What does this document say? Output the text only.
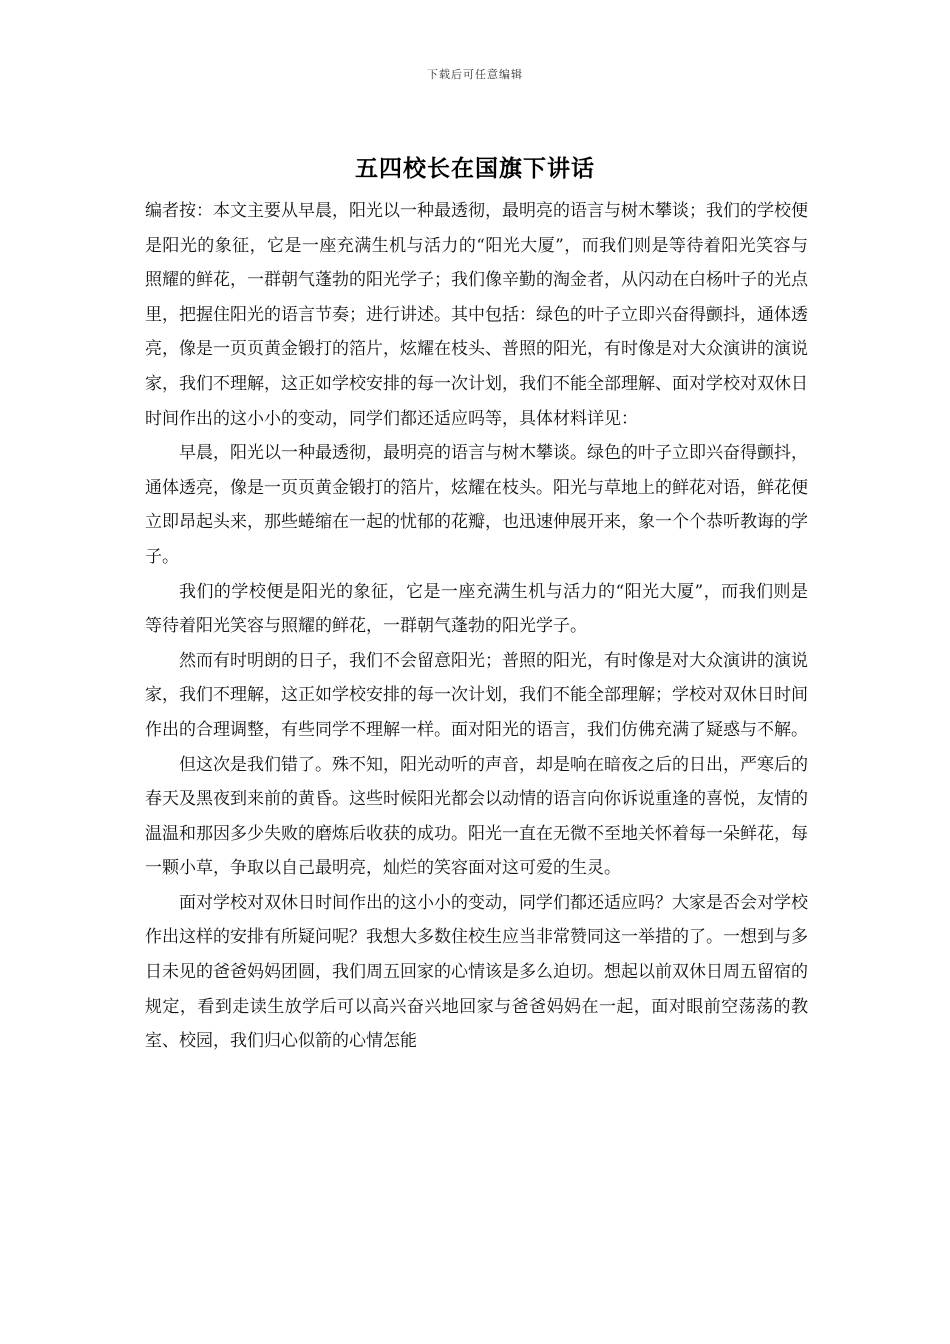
下载后可任意编辑
五四校长在国旗下讲话

编者按：本文主要从早晨，阳光以一种最透彻，最明亮的语言与树木攀谈；我们的学校便是阳光的象征，它是一座充满生机与活力的“阳光大厦”，而我们则是等待着阳光笑容与照耀的鲜花，一群朝气蓬勃的阳光学子；我们像辛勤的淘金者，从闪动在白杨叶子的光点里，把握住阳光的语言节奏；进行讲述。其中包括：绿色的叶子立即兴奋得颤抖，通体透亮，像是一页页黄金锻打的箔片，炫耀在枝头、普照的阳光，有时像是对大众演讲的演说家，我们不理解，这正如学校安排的每一次计划，我们不能全部理解、面对学校对双休日时间作出的这小小的变动，同学们都还适应吗等，具体材料详见：

早晨，阳光以一种最透彻，最明亮的语言与树木攀谈。绿色的叶子立即兴奋得颤抖，通体透亮，像是一页页黄金锻打的箔片，炫耀在枝头。阳光与草地上的鲜花对语，鲜花便立即昂起头来，那些蜷缩在一起的忧郁的花瓣，也迅速伸展开来，象一个个恭听教诲的学子。

我们的学校便是阳光的象征，它是一座充满生机与活力的“阳光大厦”，而我们则是等待着阳光笑容与照耀的鲜花，一群朝气蓬勃的阳光学子。

然而有时明朗的日子，我们不会留意阳光；普照的阳光，有时像是对大众演讲的演说家，我们不理解，这正如学校安排的每一次计划，我们不能全部理解；学校对双休日时间作出的合理调整，有些同学不理解一样。面对阳光的语言，我们仿佛充满了疑惑与不解。

但这次是我们错了。殊不知，阳光动听的声音，却是响在暗夜之后的日出，严寒后的春天及黑夜到来前的黄昏。这些时候阳光都会以动情的语言向你诉说重逢的喜悦，友情的温温和那因多少失败的磨炼后收获的成功。阳光一直在无微不至地关怀着每一朵鲜花，每一颗小草，争取以自己最明亮，灿烂的笑容面对这可爱的生灵。

面对学校对双休日时间作出的这小小的变动，同学们都还适应吗？大家是否会对学校作出这样的安排有所疑问呢？我想大多数住校生应当非常赞同这一举措的了。一想到与多日未见的爸爸妈妈团圆，我们周五回家的心情该是多么迫切。想起以前双休日周五留宿的规定，看到走读生放学后可以高兴奋兴地回家与爸爸妈妈在一起，面对眼前空荡荡的教室、校园，我们归心似箭的心情怎能
